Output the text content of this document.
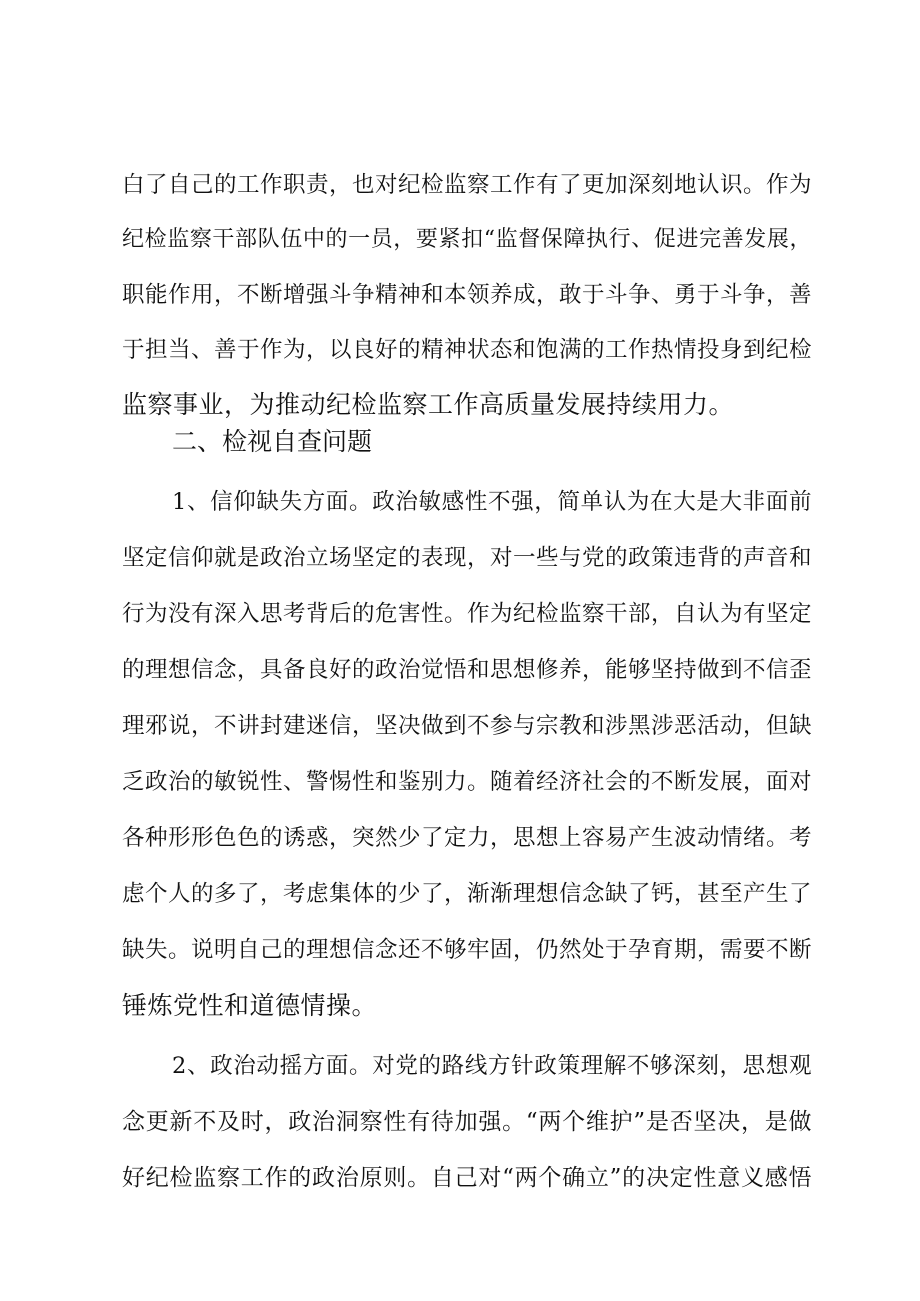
白了自己的工作职责，也对纪检监察工作有了更加深刻地认识。作为
纪检监察干部队伍中的一员，要紧扣“监督保障执行、促进完善发展，
职能作用，不断增强斗争精神和本领养成，敢于斗争、勇于斗争，善
于担当、善于作为，以良好的精神状态和饱满的工作热情投身到纪检
监察事业，为推动纪检监察工作高质量发展持续用力。
二、检视自查问题
1、信仰缺失方面。政治敏感性不强，简单认为在大是大非面前
坚定信仰就是政治立场坚定的表现，对一些与党的政策违背的声音和
行为没有深入思考背后的危害性。作为纪检监察干部，自认为有坚定
的理想信念，具备良好的政治觉悟和思想修养，能够坚持做到不信歪
理邪说，不讲封建迷信，坚决做到不参与宗教和涉黑涉恶活动，但缺
乏政治的敏锐性、警惕性和鉴别力。随着经济社会的不断发展，面对
各种形形色色的诱惑，突然少了定力，思想上容易产生波动情绪。考
虑个人的多了，考虑集体的少了，渐渐理想信念缺了钙，甚至产生了
缺失。说明自己的理想信念还不够牢固，仍然处于孕育期，需要不断
锤炼党性和道德情操。
2、政治动摇方面。对党的路线方针政策理解不够深刻，思想观
念更新不及时，政治洞察性有待加强。“两个维护”是否坚决，是做
好纪检监察工作的政治原则。自己对“两个确立”的决定性意义感悟
